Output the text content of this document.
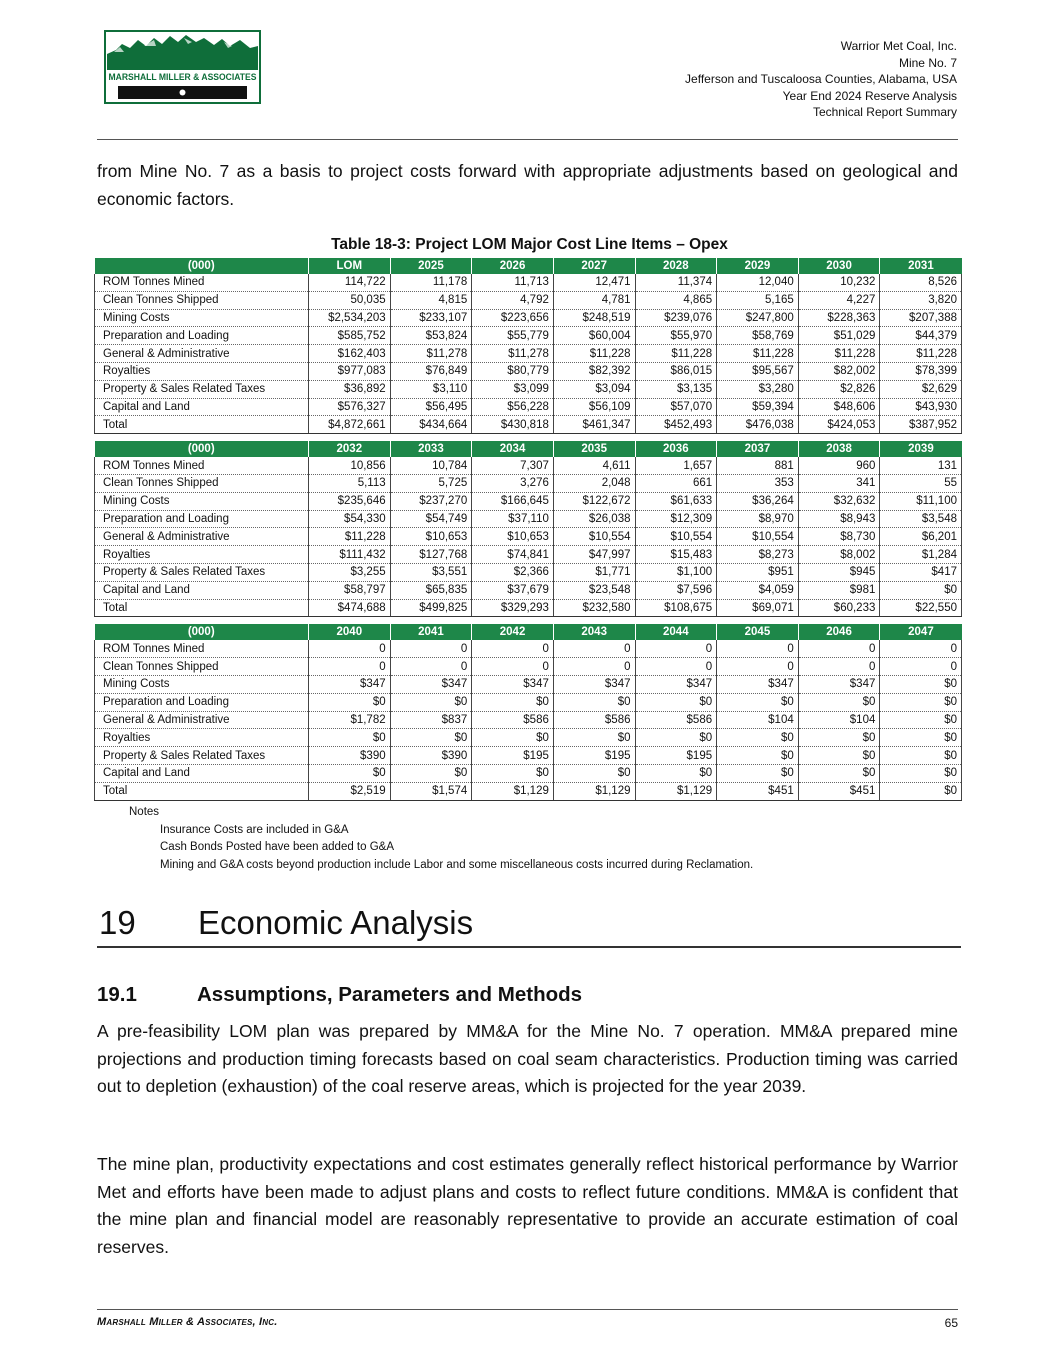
MARSHALL MILLER & ASSOCIATES
Warrior Met Coal, Inc.
Mine No. 7
Jefferson and Tuscaloosa Counties, Alabama, USA
Year End 2024 Reserve Analysis
Technical Report Summary

from Mine No. 7 as a basis to project costs forward with appropriate adjustments based on geological and economic factors.

Table 18-3: Project LOM Major Cost Line Items – Opex
(000)	LOM	2025	2026	2027	2028	2029	2030	2031
ROM Tonnes Mined	114,722	11,178	11,713	12,471	11,374	12,040	10,232	8,526
Clean Tonnes Shipped	50,035	4,815	4,792	4,781	4,865	5,165	4,227	3,820
Mining Costs	$2,534,203	$233,107	$223,656	$248,519	$239,076	$247,800	$228,363	$207,388
Preparation and Loading	$585,752	$53,824	$55,779	$60,004	$55,970	$58,769	$51,029	$44,379
General & Administrative	$162,403	$11,278	$11,278	$11,228	$11,228	$11,228	$11,228	$11,228
Royalties	$977,083	$76,849	$80,779	$82,392	$86,015	$95,567	$82,002	$78,399
Property & Sales Related Taxes	$36,892	$3,110	$3,099	$3,094	$3,135	$3,280	$2,826	$2,629
Capital and Land	$576,327	$56,495	$56,228	$56,109	$57,070	$59,394	$48,606	$43,930
Total	$4,872,661	$434,664	$430,818	$461,347	$452,493	$476,038	$424,053	$387,952

(000)	2032	2033	2034	2035	2036	2037	2038	2039
ROM Tonnes Mined	10,856	10,784	7,307	4,611	1,657	881	960	131
Clean Tonnes Shipped	5,113	5,725	3,276	2,048	661	353	341	55
Mining Costs	$235,646	$237,270	$166,645	$122,672	$61,633	$36,264	$32,632	$11,100
Preparation and Loading	$54,330	$54,749	$37,110	$26,038	$12,309	$8,970	$8,943	$3,548
General & Administrative	$11,228	$10,653	$10,653	$10,554	$10,554	$10,554	$8,730	$6,201
Royalties	$111,432	$127,768	$74,841	$47,997	$15,483	$8,273	$8,002	$1,284
Property & Sales Related Taxes	$3,255	$3,551	$2,366	$1,771	$1,100	$951	$945	$417
Capital and Land	$58,797	$65,835	$37,679	$23,548	$7,596	$4,059	$981	$0
Total	$474,688	$499,825	$329,293	$232,580	$108,675	$69,071	$60,233	$22,550

(000)	2040	2041	2042	2043	2044	2045	2046	2047
ROM Tonnes Mined	0	0	0	0	0	0	0	0
Clean Tonnes Shipped	0	0	0	0	0	0	0	0
Mining Costs	$347	$347	$347	$347	$347	$347	$347	$0
Preparation and Loading	$0	$0	$0	$0	$0	$0	$0	$0
General & Administrative	$1,782	$837	$586	$586	$586	$104	$104	$0
Royalties	$0	$0	$0	$0	$0	$0	$0	$0
Property & Sales Related Taxes	$390	$390	$195	$195	$195	$0	$0	$0
Capital and Land	$0	$0	$0	$0	$0	$0	$0	$0
Total	$2,519	$1,574	$1,129	$1,129	$1,129	$451	$451	$0
Notes
Insurance Costs are included in G&A
Cash Bonds Posted have been added to G&A
Mining and G&A costs beyond production include Labor and some miscellaneous costs incurred during Reclamation.
19 Economic Analysis
19.1	Assumptions, Parameters and Methods

A pre-feasibility LOM plan was prepared by MM&A for the Mine No. 7 operation. MM&A prepared mine projections and production timing forecasts based on coal seam characteristics. Production timing was carried out to depletion (exhaustion) of the coal reserve areas, which is projected for the year 2039.

The mine plan, productivity expectations and cost estimates generally reflect historical performance by Warrior Met and efforts have been made to adjust plans and costs to reflect future conditions. MM&A is confident that the mine plan and financial model are reasonably representative to provide an accurate estimation of coal reserves.

Marshall Miller & Associates, Inc.	65
